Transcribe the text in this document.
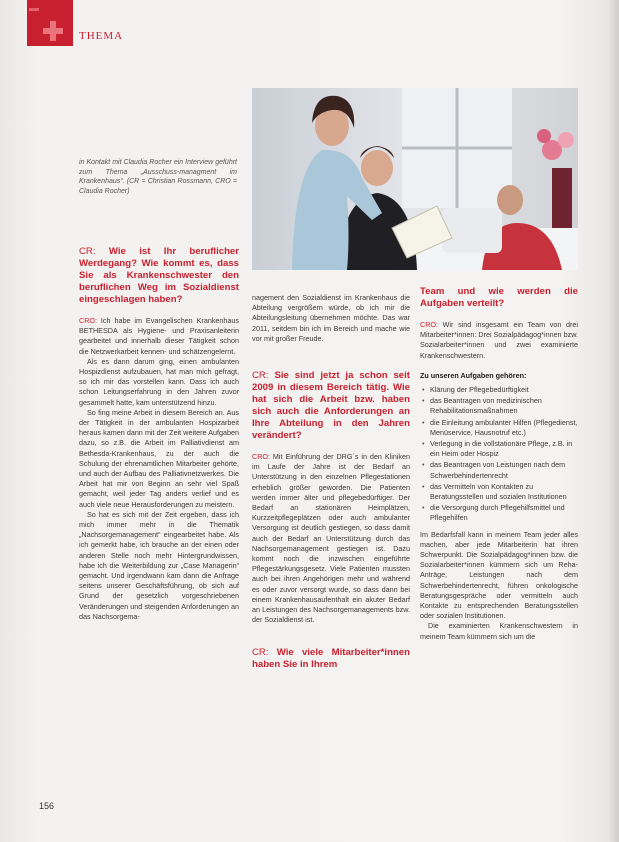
THEMA

in Kontakt mit Claudia Rocher ein Interview geführt zum Thema „Ausschuss-managment im Krankenhaus“. (CR = Christian Rossmann, CRO = Claudia Rocher)

CR: Wie ist Ihr beruflicher Werdegang? Wie kommt es, dass Sie als Krankenschwester den beruflichen Weg im Sozialdienst eingeschlagen haben?

CRO: Ich habe im Evangelischen Krankenhaus BETHESDA als Hygiene- und Praxisanleiterin gearbeitet und innerhalb dieser Tätigkeit schon die Netzwerkarbeit kennen- und schätzengelernt.

Als es dann darum ging, einen ambulanten Hospizdienst aufzubauen, hat man mich gefragt, so ich mir das vorstellen kann. Dass ich auch schon Leitungserfahrung in den Jahren zuvor gesammelt hatte, kam unterstützend hinzu.

So fing meine Arbeit in diesem Bereich an. Aus der Tätigkeit in der ambulanten Hospizarbeit heraus kamen dann mit der Zeit weitere Aufgaben dazu, so z.B. die Arbeit im Palliativdienst am Bethesda-Krankenhaus, zu der auch die Schulung der ehrenamtlichen Mitarbeiter gehörte, und auch der Aufbau des Palliativnetzwerkes. Die Arbeit hat mir von Beginn an sehr viel Spaß gemacht, weil jeder Tag anders verlief und es auch viele neue Herausforderungen zu meistern.

So hat es sich mit der Zeit ergeben, dass ich mich immer mehr in die Thematik „Nachsorgemanagement“ eingearbeitet habe. Als ich gemerkt habe, ich brauche an der einen oder anderen Stelle noch mehr Hintergrundwissen, habe ich die Weiterbildung zur „Case Managerin“ gemacht. Und irgendwann kam dann die Anfrage seitens unserer Geschäftsführung, ob sich auf Grund der gesetzlich vorgeschriebenen Veränderungen und steigenden Anforderungen an das Nachsorgema-

nagement den Sozialdienst im Krankenhaus die Abteilung vergrößern würde, ob ich mir die Abteilungsleitung übernehmen möchte. Das war 2011, seitdem bin ich im Bereich und mache wie vor mit großer Freude.

CR: Sie sind jetzt ja schon seit 2009 in diesem Bereich tätig. Wie hat sich die Arbeit bzw. haben sich auch die Anforderungen an Ihre Abteilung in den Jahren verändert?

CRO: Mit Einführung der DRG´s in den Kliniken im Laufe der Jahre ist der Bedarf an Unterstützung in den einzelnen Pflegestationen erheblich größer geworden. Die Patienten werden immer älter und pflegebedürftiger. Der Bedarf an stationären Heimplätzen, Kurzzeitpflegeplätzen oder auch ambulanter Versorgung ist deutlich gestiegen, so dass damit auch der Bedarf an Unterstützung durch das Nachsorgemanagement gestiegen ist. Dazu kommt noch die inzwischen eingeführte Pflegestärkungsgesetz. Viele Patienten mussten auch bei ihren Angehörigen mehr und während es oder zuvor versorgt wurde, so dass dann bei einem Krankenhausaufenthalt ein akuter Bedarf an Leistungen des Nachsorgemanagements bzw. der Sozialdienst ist.

CR: Wie viele Mitarbeiter*innen haben Sie in Ihrem

Team und wie werden die Aufgaben verteilt?

CRO: Wir sind insgesamt ein Team von drei Mitarbeiter*innen: Drei Sozialpädagog*innen bzw. Sozialarbeiter*innen und zwei examinierte Krankenschwestern.

Zu unseren Aufgaben gehören:

• Klärung der Pflegebedürftigkeit
• das Beantragen von medizinischen Rehabilitationsmaßnahmen
• die Einleitung ambulanter Hilfen (Pflegedienst, Menüservice, Hausnotruf etc.)
• Verlegung in die vollstationäre Pflege, z.B. in ein Heim oder Hospiz
• das Beantragen von Leistungen nach dem Schwerbehindertenrecht
• das Vermitteln von Kontakten zu Beratungsstellen und sozialen Institutionen
• die Versorgung durch Pflegehilfsmittel und Pflegehilfen

Im Bedarfsfall kann in meinem Team jeder alles machen, aber jede Mitarbeiterin hat ihren Schwerpunkt. Die Sozialpädagog*innen bzw. die Sozialarbeiter*innen kümmern sich um Reha-Anträge, Leistungen nach dem Schwerbehindertenrecht, führen onkologische Beratungsgespräche oder vermitteln auch Kontakte zu entsprechenden Beratungsstellen oder sozialen Institutionen.

Die examinierten Krankenschwestern in meinem Team kümmern sich um die

156
